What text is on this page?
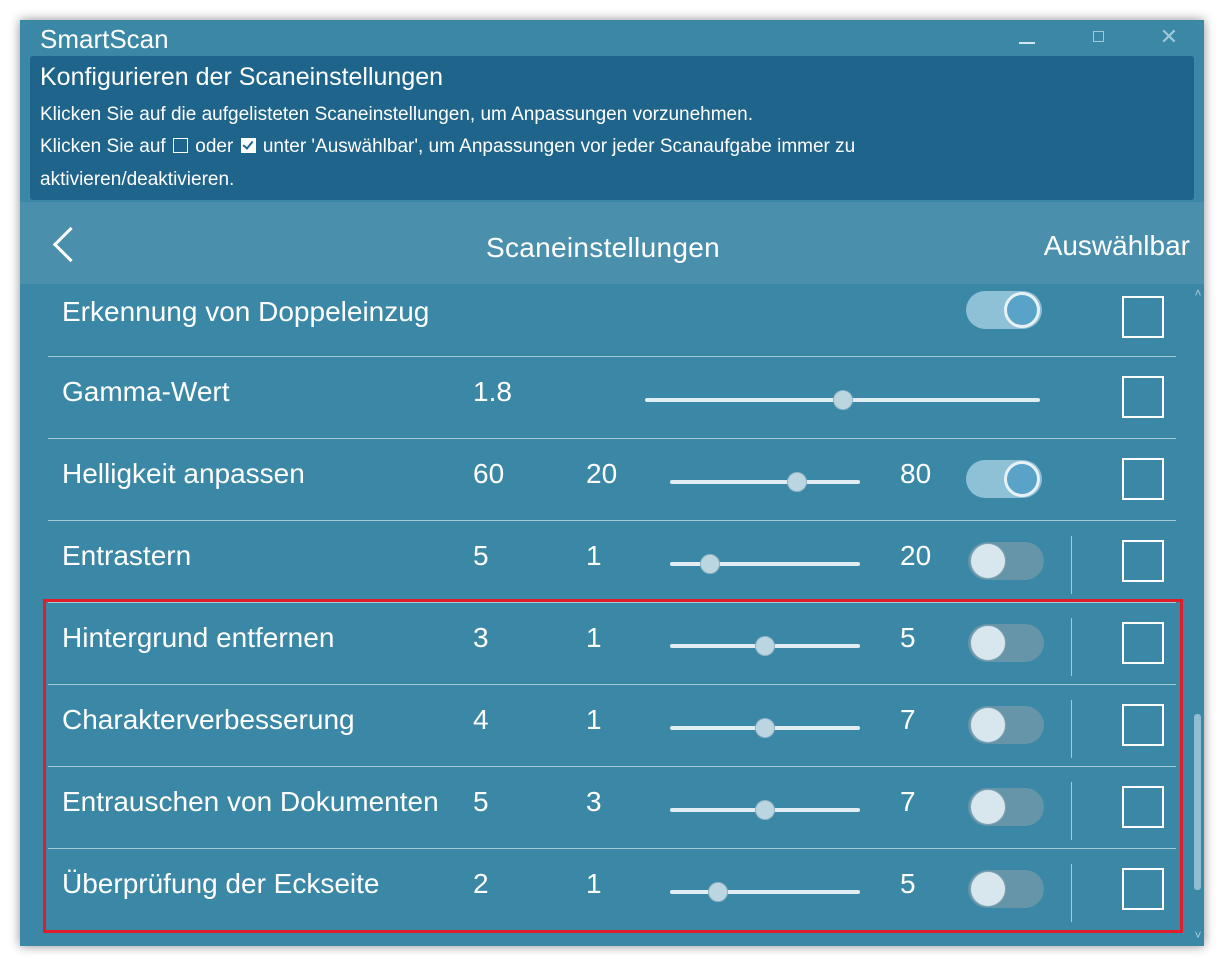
SmartScan	✕
Konfigurieren der Scaneinstellungen
Klicken Sie auf die aufgelisteten Scaneinstellungen, um Anpassungen vorzunehmen.
Klicken Sie auf oder unter 'Auswählbar', um Anpassungen vor jeder Scanaufgabe immer zu
aktivieren/deaktivieren.
Scaneinstellungen	Auswählbar
Erkennung von Doppeleinzug
Gamma-Wert	1.8
Helligkeit anpassen	60	20	80
Entrastern	5	1	20
Hintergrund entfernen	3	1	5
Charakterverbesserung	4	1	7
Entrauschen von Dokumenten 5	3	7
Überprüfung der Eckseite	2	1	5
˄
˅
